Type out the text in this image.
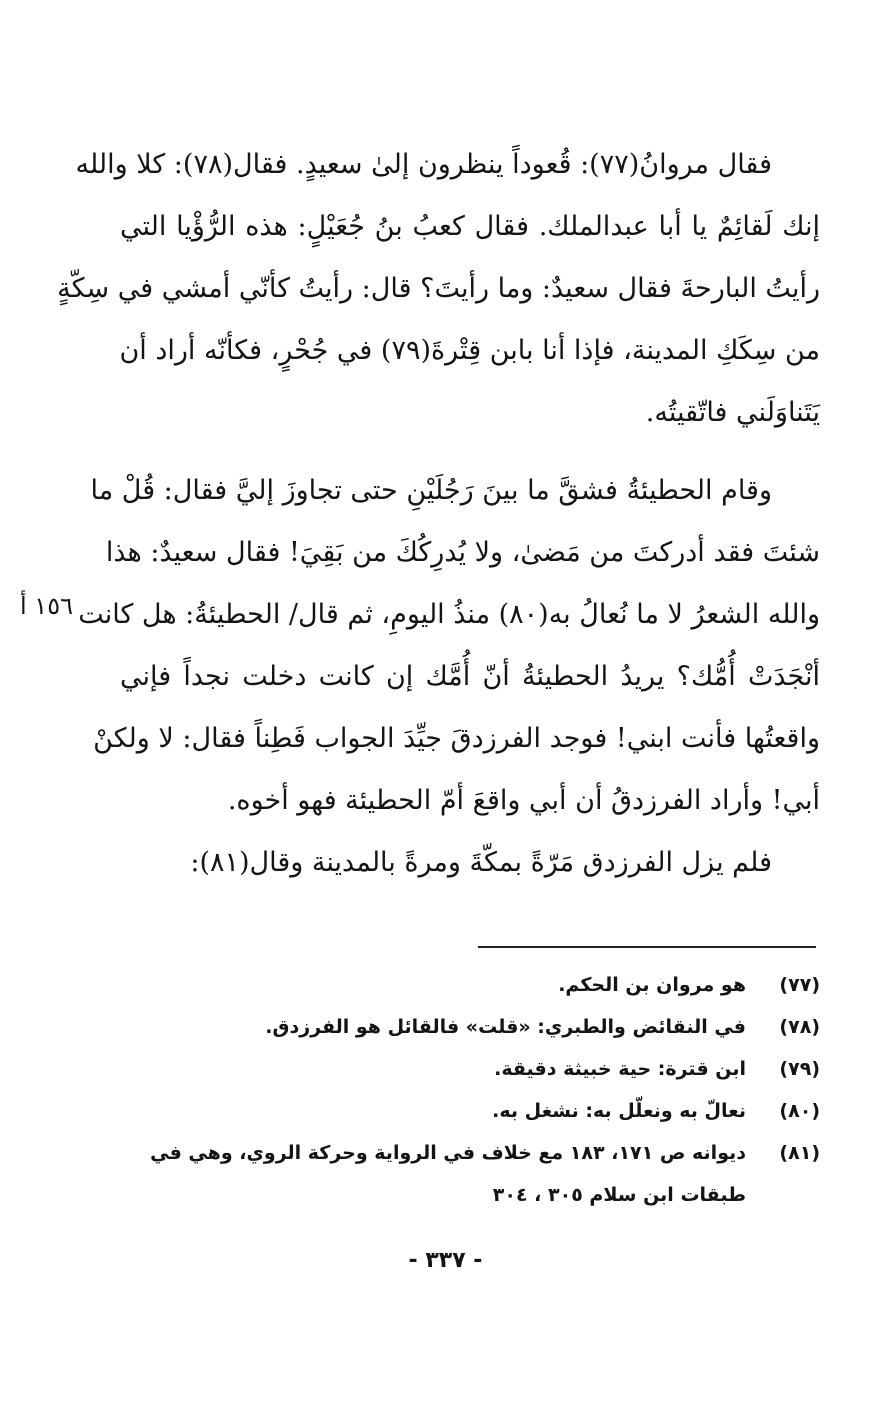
فقال مروانُ(٧٧): قُعوداً ينظرون إلىٰ سعيدٍ. فقال(٧٨): كلا والله
إنك لَقائِمٌ يا أبا عبدالملك. فقال كعبُ بنُ جُعَيْلٍ: هذه الرُّؤْيا التي
رأيتُ البارحةَ فقال سعيدٌ: وما رأيتَ؟ قال: رأيتُ كأنّي أمشي في سِكّةٍ
من سِكَكِ المدينة، فإذا أنا بابن قِتْرةَ(٧٩) في جُحْرٍ، فكأنّه أراد أن
يَتَناوَلَني فاتّقيتُه.
وقام الحطيئةُ فشقَّ ما بينَ رَجُلَيْنِ حتى تجاوزَ إليَّ فقال: قُلْ ما
شئتَ فقد أدركتَ من مَضىٰ، ولا يُدرِكُكَ من بَقِيَ! فقال سعيدٌ: هذا
والله الشعرُ لا ما نُعالُ به(٨٠) منذُ اليومِ، ثم قال/ الحطيئةُ: هل كانت
أنْجَدَتْ أُمُّك؟ يريدُ الحطيئةُ أنّ أُمَّك إن كانت دخلت نجداً فإني
واقعتُها فأنت ابني! فوجد الفرزدقَ جيِّدَ الجواب فَطِناً فقال: لا ولكنْ
أبي! وأراد الفرزدقُ أن أبي واقعَ أمّ الحطيئة فهو أخوه.
فلم يزل الفرزدق مَرّةً بمكّةَ ومرةً بالمدينة وقال(٨١):
١٥٦ أ
(٧٧)
هو مروان بن الحكم.
(٧٨)
في النقائض والطبري: «قلت» فالقائل هو الفرزدق.
(٧٩)
ابن قترة: حية خبيثة دقيقة.
(٨٠)
نعالّ به ونعلّل به: نشغل به.
(٨١)
ديوانه ص ١٧١، ١٨٣ مع خلاف في الرواية وحركة الروي، وهي في طبقات ابن سلام ٣٠٥ ، ٣٠٤
- ٣٣٧ -
